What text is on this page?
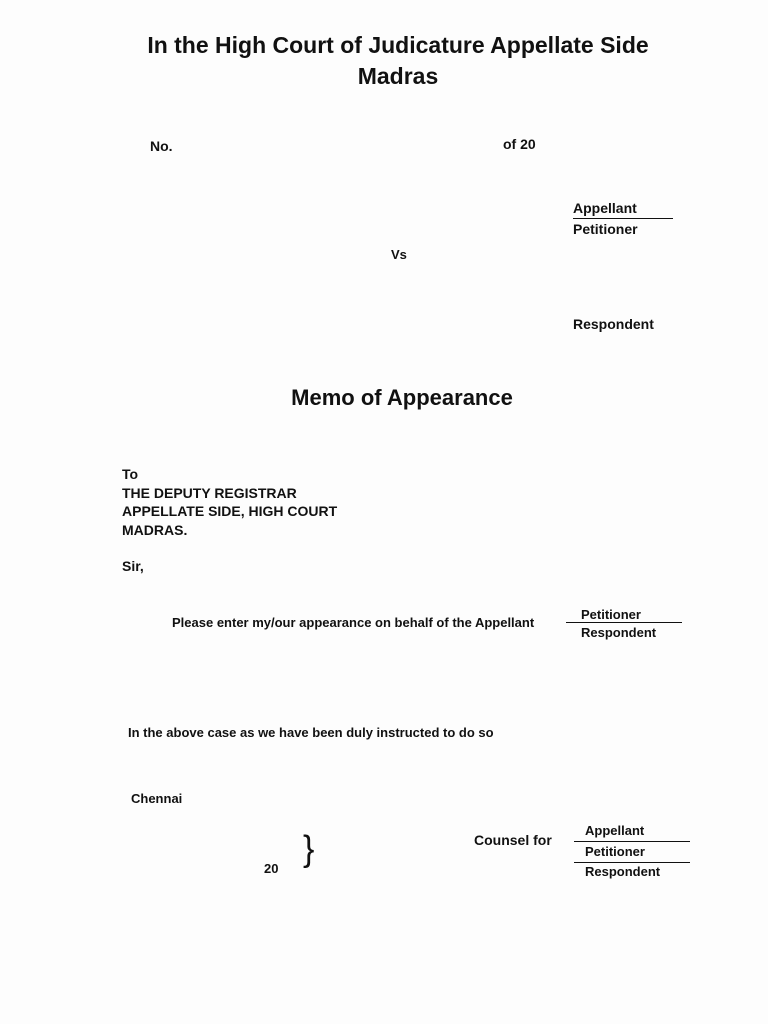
In the High Court of Judicature Appellate Side
Madras
No.	of 20
Appellant
Petitioner
Vs
Respondent
Memo of Appearance
To
THE DEPUTY REGISTRAR
APPELLATE SIDE, HIGH COURT
MADRAS.
Sir,
Please enter my/our appearance on behalf of the Appellant
Petitioner
Respondent
In the above case as we have been duly instructed to do so
Chennai
}
20
Counsel for
Appellant
Petitioner
Respondent
